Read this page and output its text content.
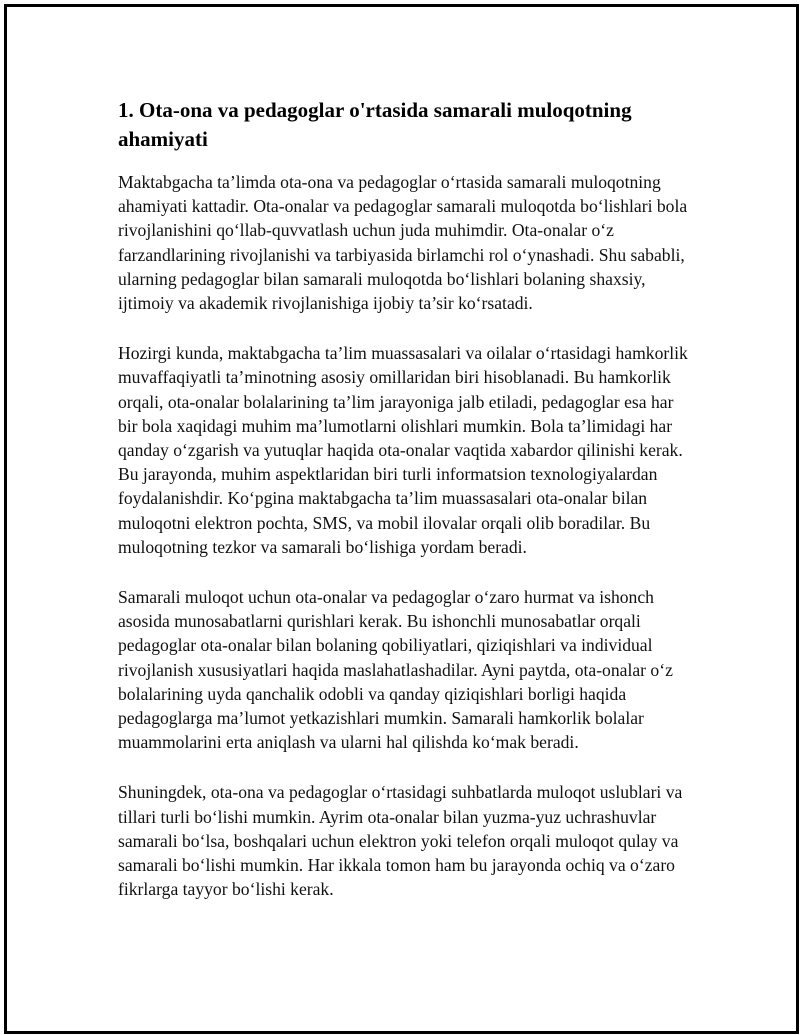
1. Ota-ona va pedagoglar o'rtasida samarali muloqotning ahamiyati

Maktabgacha ta’limda ota-ona va pedagoglar o‘rtasida samarali muloqotning ahamiyati kattadir. Ota-onalar va pedagoglar samarali muloqotda bo‘lishlari bola rivojlanishini qo‘llab-quvvatlash uchun juda muhimdir. Ota-onalar o‘z farzandlarining rivojlanishi va tarbiyasida birlamchi rol o‘ynashadi. Shu sababli, ularning pedagoglar bilan samarali muloqotda bo‘lishlari bolaning shaxsiy, ijtimoiy va akademik rivojlanishiga ijobiy ta’sir ko‘rsatadi.

Hozirgi kunda, maktabgacha ta’lim muassasalari va oilalar o‘rtasidagi hamkorlik muvaffaqiyatli ta’minotning asosiy omillaridan biri hisoblanadi. Bu hamkorlik orqali, ota-onalar bolalarining ta’lim jarayoniga jalb etiladi, pedagoglar esa har bir bola xaqidagi muhim ma’lumotlarni olishlari mumkin. Bola ta’limidagi har qanday o‘zgarish va yutuqlar haqida ota-onalar vaqtida xabardor qilinishi kerak. Bu jarayonda, muhim aspektlaridan biri turli informatsion texnologiyalardan foydalanishdir. Ko‘pgina maktabgacha ta’lim muassasalari ota-onalar bilan muloqotni elektron pochta, SMS, va mobil ilovalar orqali olib boradilar. Bu muloqotning tezkor va samarali bo‘lishiga yordam beradi.

Samarali muloqot uchun ota-onalar va pedagoglar o‘zaro hurmat va ishonch asosida munosabatlarni qurishlari kerak. Bu ishonchli munosabatlar orqali pedagoglar ota-onalar bilan bolaning qobiliyatlari, qiziqishlari va individual rivojlanish xususiyatlari haqida maslahatlashadilar. Ayni paytda, ota-onalar o‘z bolalarining uyda qanchalik odobli va qanday qiziqishlari borligi haqida pedagoglarga ma’lumot yetkazishlari mumkin. Samarali hamkorlik bolalar muammolarini erta aniqlash va ularni hal qilishda ko‘mak beradi.

Shuningdek, ota-ona va pedagoglar o‘rtasidagi suhbatlarda muloqot uslublari va tillari turli bo‘lishi mumkin. Ayrim ota-onalar bilan yuzma-yuz uchrashuvlar samarali bo‘lsa, boshqalari uchun elektron yoki telefon orqali muloqot qulay va samarali bo‘lishi mumkin. Har ikkala tomon ham bu jarayonda ochiq va o‘zaro fikrlarga tayyor bo‘lishi kerak.
